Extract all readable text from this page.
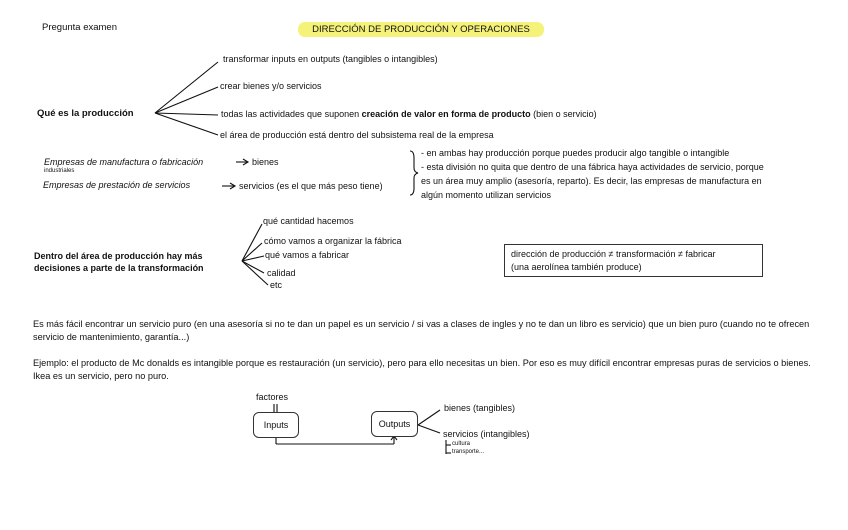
Pregunta examen	DIRECCIÓN DE PRODUCCIÓN Y OPERACIONES
Qué es la producción
transformar inputs en outputs (tangibles o intangibles)
crear bienes y/o servicios
todas las actividades que suponen creación de valor en forma de producto (bien o servicio)
el área de producción está dentro del subsistema real de la empresa
Empresas de manufactura o fabricación
industriales
bienes
Empresas de prestación de servicios	servicios (es el que más peso tiene)
- en ambas hay producción porque puedes producir algo tangible o intangible
- esta división no quita que dentro de una fábrica haya actividades de servicio, porque
es un área muy amplio (asesoría, reparto). Es decir, las empresas de manufactura en
algún momento utilizan servicios
Dentro del área de producción hay más
decisiones a parte de la transformación
qué cantidad hacemos
cómo vamos a organizar la fábrica
qué vamos a fabricar
calidad
etc
dirección de producción ≠ transformación ≠ fabricar
(una aerolínea también produce)
Es más fácil encontrar un servicio puro (en una asesoría si no te dan un papel es un servicio / si vas a clases de ingles y no te dan un libro es servicio) que un bien puro (cuando no te ofrecen servicio de mantenimiento, garantía...)
Ejemplo: el producto de Mc donalds es intangible porque es restauración (un servicio), pero para ello necesitas un bien. Por eso es muy difícil encontrar empresas puras de servicios o bienes. Ikea es un servicio, pero no puro.
factores
Inputs	Outputs
bienes (tangibles)
servicios (intangibles)
cultura
transporte...
